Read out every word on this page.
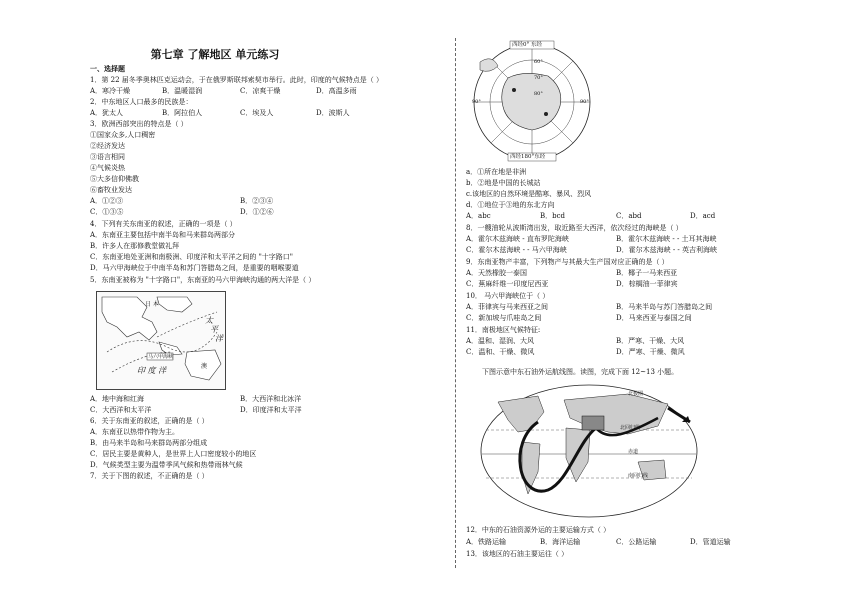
第七章 了解地区 单元练习
一、选择题
1．第 22 届冬季奥林匹克运动会，于在俄罗斯联邦索契市举行。此时，印度的气候特点是（ ）
A．寒冷干燥	B．温暖湿润	C．凉爽干燥	D．高温多雨
2．中东地区人口最多的民族是：
A．犹太人	B．阿拉伯人	C．埃及人	D．波斯人
3．欧洲西部突出的特点是（ ）
①国家众多,人口稠密
②经济发达
③语言相同
④气候炎热
⑤大多信仰佛教
⑥畜牧业发达
A．①②③	B．②③④
C．①③⑤	D．①②⑥
4．下列有关东南亚的叙述，正确的一项是（ ）
A．东南亚主要包括中南半岛和马来群岛两部分
B．许多人在那修教堂做礼拜
C．东南亚地处亚洲和南极洲、印度洋和太平洋之间的 "十字路口"
D．马六甲海峡位于中南半岛和苏门答腊岛之间，是重要的咽喉要道
5．东南亚被称为 "十字路口"，东南亚的马六甲海峡沟通的两大洋是（ ）
日 本
太
平
洋
马六甲海峡
印 度 洋	澳
A．地中海和红海	B．大西洋和北冰洋
C．大西洋和太平洋	D．印度洋和太平洋
6．关于东南亚的叙述，正确的是（ ）
A．东南亚以热带作物为主。
B．由马来半岛和马来群岛两部分组成
C．居民主要是黄种人，是世界上人口密度较小的地区
D．气候类型主要为温带季风气候和热带雨林气候
7．关于下图的叙述，不正确的是（ ）
西经0° 东经
西经180°东经
60°
70°
80°
90°	90°
a．①所在地是非洲
b．②地是中国的长城站
c.该地区的自然环境是酷寒、暴风、烈风
d．①地位于③地的东北方向
A．abc	B．bcd	C．abd	D．acd
8．一艘油轮从波斯湾出发，取近路至大西洋，依次经过的海峡是（ ）
A．霍尔木兹海峡 - 直布罗陀海峡	B．霍尔木兹海峡 - - 土耳其海峡
C．霍尔木兹海峡 - - 马六甲海峡	D．霍尔木兹海峡 - - 英吉利海峡
9．东南亚物产丰富，下列物产与其最大生产国对应正确的是（ ）
A．天然橡胶一泰国	B．椰子一马来西亚
C．蕉麻纤维一印度尼西亚	D．棕榈油一菲律宾
10． 马六甲海峡位于（ ）
A．菲律宾与马来西亚之间	B．马来半岛与苏门答腊岛之间
C．新加坡与爪哇岛之间	D．马来西亚与泰国之间
11．南极地区气候特征:
A．温和、湿润、大风	B．严寒、干燥、大风
C．温和、干燥、微风	D．严寒、干燥、微风
下图示意中东石油外运航线图。读图，完成下面 12~13 小题。
北回归线
赤道
南回归线
北极圈
12．中东的石油资源外运的主要运输方式（ ）
A．铁路运输	B．海洋运输	C．公路运输	D．管道运输
13．该地区的石油主要运往（ ）
